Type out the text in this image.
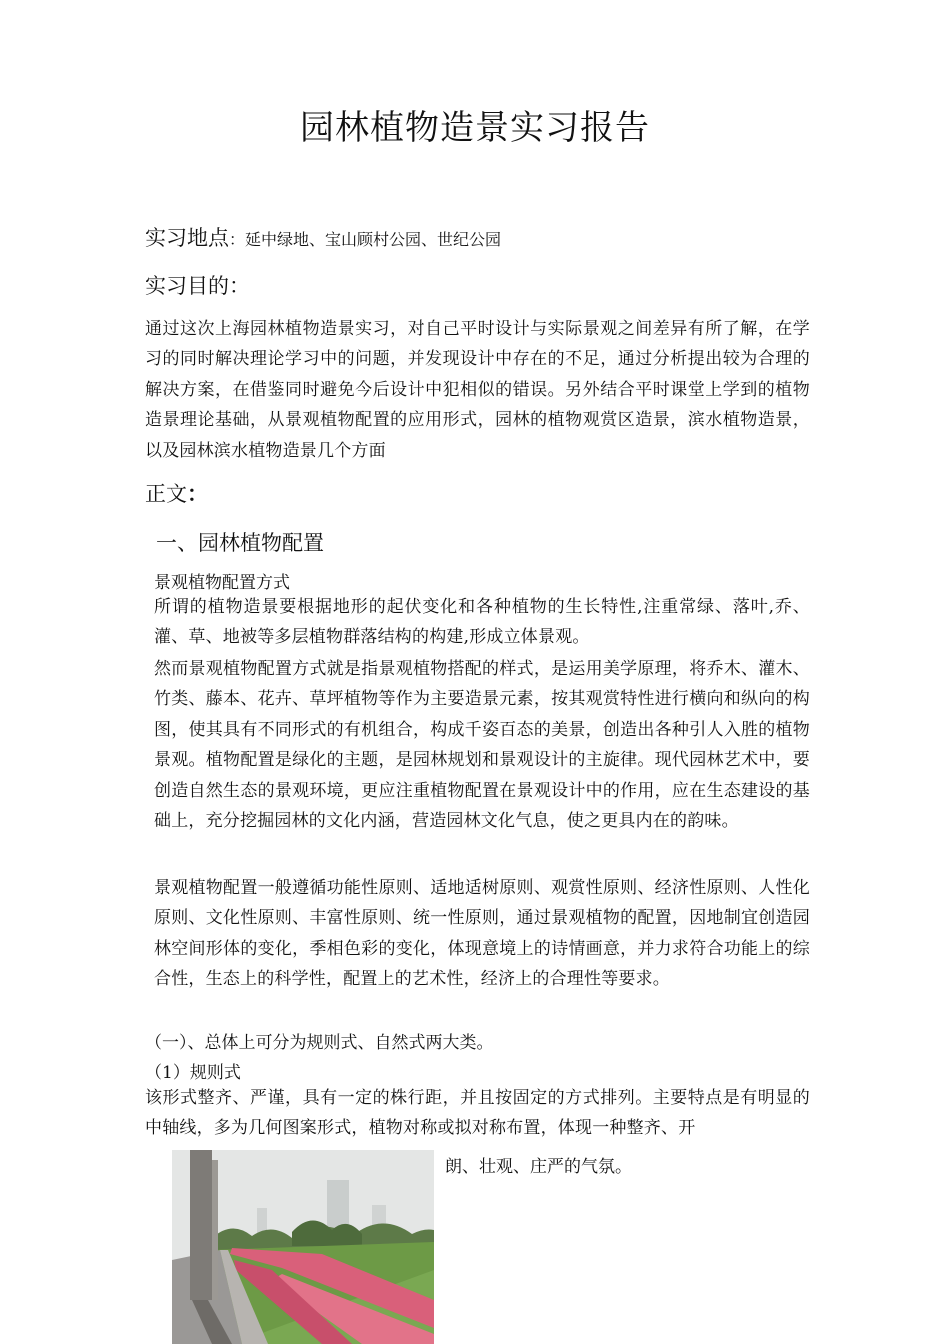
园林植物造景实习报告
实习地点：延中绿地、宝山顾村公园、世纪公园
实习目的：

通过这次上海园林植物造景实习，对自己平时设计与实际景观之间差异有所了解，在学习的同时解决理论学习中的问题，并发现设计中存在的不足，通过分析提出较为合理的解决方案，在借鉴同时避免今后设计中犯相似的错误。另外结合平时课堂上学到的植物造景理论基础，从景观植物配置的应用形式，园林的植物观赏区造景，滨水植物造景，以及园林滨水植物造景几个方面

正文：
一、园林植物配置
景观植物配置方式

所谓的植物造景要根据地形的起伏变化和各种植物的生长特性,注重常绿、落叶,乔、灌、草、地被等多层植物群落结构的构建,形成立体景观。

然而景观植物配置方式就是指景观植物搭配的样式，是运用美学原理，将乔木、灌木、竹类、藤本、花卉、草坪植物等作为主要造景元素，按其观赏特性进行横向和纵向的构图，使其具有不同形式的有机组合，构成千姿百态的美景，创造出各种引人入胜的植物景观。植物配置是绿化的主题，是园林规划和景观设计的主旋律。现代园林艺术中，要创造自然生态的景观环境，更应注重植物配置在景观设计中的作用，应在生态建设的基础上，充分挖掘园林的文化内涵，营造园林文化气息，使之更具内在的韵味。

景观植物配置一般遵循功能性原则、适地适树原则、观赏性原则、经济性原则、人性化原则、文化性原则、丰富性原则、统一性原则，通过景观植物的配置，因地制宜创造园林空间形体的变化，季相色彩的变化，体现意境上的诗情画意，并力求符合功能上的综合性，生态上的科学性，配置上的艺术性，经济上的合理性等要求。

（一）、总体上可分为规则式、自然式两大类。
（1）规则式

该形式整齐、严谨，具有一定的株行距，并且按固定的方式排列。主要特点是有明显的中轴线，多为几何图案形式，植物对称或拟对称布置，体现一种整齐、开

朗、壮观、庄严的气氛。
